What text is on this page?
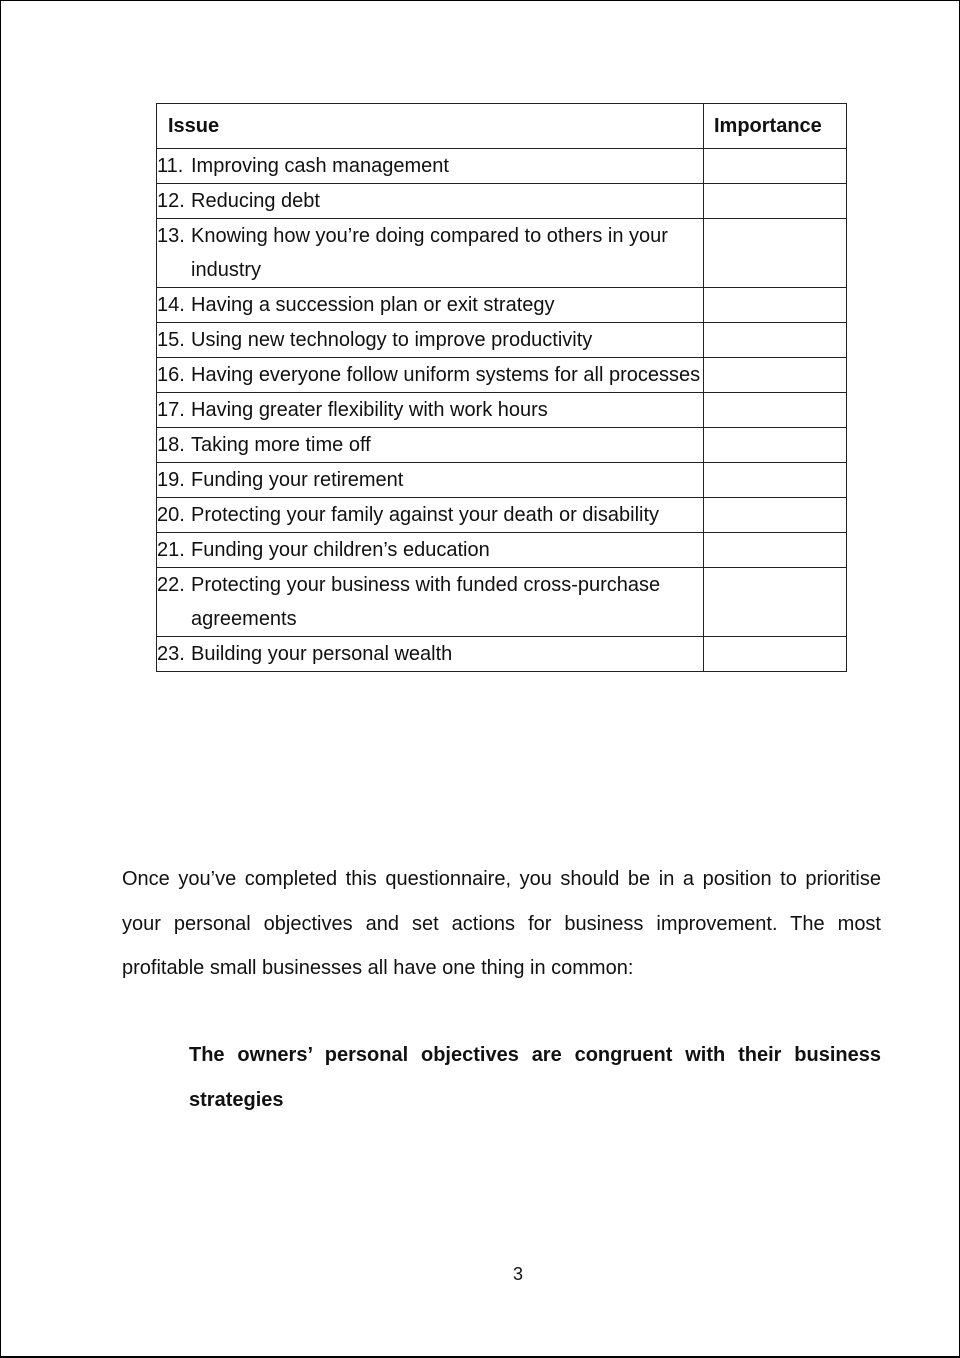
Issue	Importance

11. Improving cash management	

12. Reducing debt	

13. Knowing how you’re doing compared to others in your industry	

14. Having a succession plan or exit strategy	

15. Using new technology to improve productivity	

16. Having everyone follow uniform systems for all processes	

17. Having greater flexibility with work hours	

18. Taking more time off	

19. Funding your retirement	

20. Protecting your family against your death or disability	

21. Funding your children’s education	

22. Protecting your business with funded cross-purchase agreements	

23. Building your personal wealth	

Once you’ve completed this questionnaire, you should be in a position to prioritise your personal objectives and set actions for business improvement. The most profitable small businesses all have one thing in common:

The owners’ personal objectives are congruent with their business strategies

3
